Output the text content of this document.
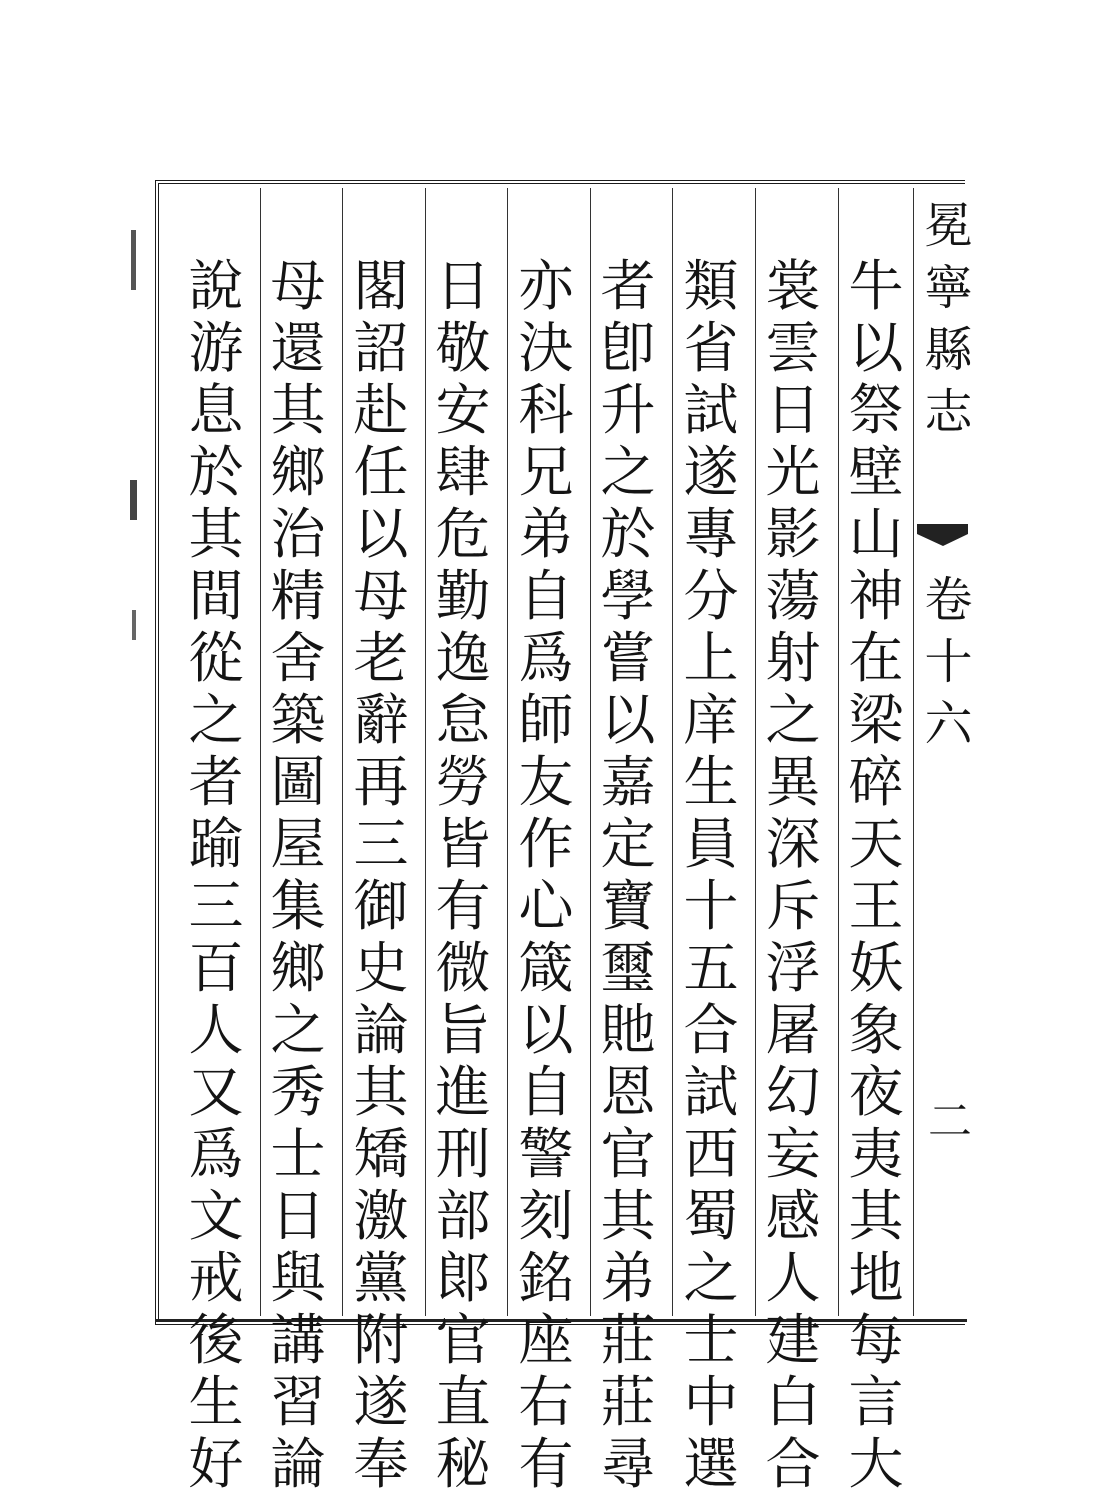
冕寧縣志
卷十六
二
牛
以
祭
壁
山
神
在
梁
碎
天
王
妖
象
夜
夷
其
地
每
言
大
裳
雲
日
光
影
蕩
射
之
異
深
斥
浮
屠
幻
妄
感
人
建
白
合
類
省
試
遂
專
分
上
庠
生
員
十
五
合
試
西
蜀
之
士
中
選
者
卽
升
之
於
學
嘗
以
嘉
定
寶
璽
貤
恩
官
其
弟
莊
莊
尋
亦
決
科
兄
弟
自
爲
師
友
作
心
箴
以
自
警
刻
銘
座
右
有
日
敬
安
肆
危
勤
逸
怠
勞
皆
有
微
旨
進
刑
部
郞
官
直
秘
閣
詔
赴
任
以
母
老
辭
再
三
御
史
論
其
矯
激
黨
附
遂
奉
母
還
其
鄉
治
精
舍
築
圖
屋
集
鄉
之
秀
士
日
與
講
習
論
說
游
息
於
其
間
從
之
者
踰
三
百
人
又
爲
文
戒
後
生
好
